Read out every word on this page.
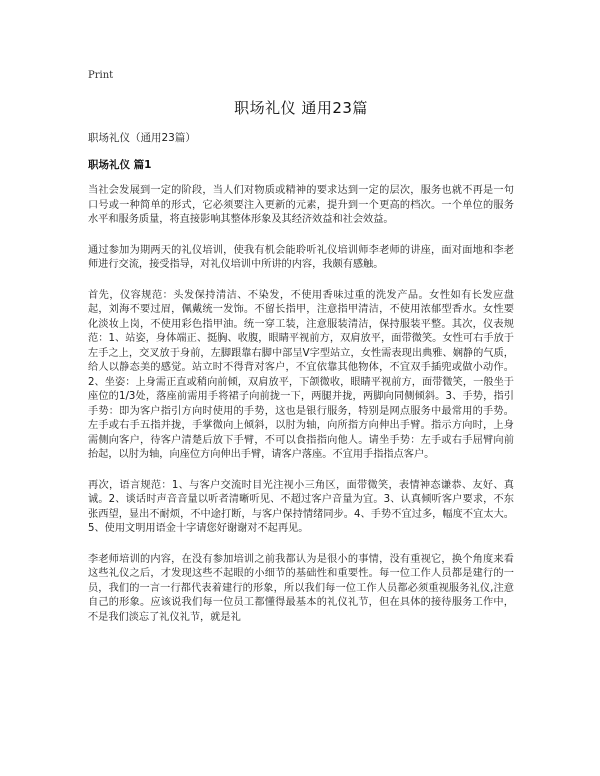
Print
职场礼仪 通用23篇
职场礼仪（通用23篇）
职场礼仪 篇1

当社会发展到一定的阶段，当人们对物质或精神的要求达到一定的层次，服务也就不再是一句口号或一种简单的形式，它必须要注入更新的元素，提升到一个更高的档次。一个单位的服务水平和服务质量，将直接影响其整体形象及其经济效益和社会效益。

通过参加为期两天的礼仪培训，使我有机会能聆听礼仪培训师李老师的讲座，面对面地和李老师进行交流，接受指导，对礼仪培训中所讲的内容，我颇有感触。

首先，仪容规范：头发保持清洁、不染发，不使用香味过重的洗发产品。女性如有长发应盘起，刘海不要过眉，佩戴统一发饰。不留长指甲，注意指甲清洁，不使用浓郁型香水。女性要化淡妆上岗，不使用彩色指甲油。统一穿工装，注意服装清洁，保持服装平整。其次，仪表规范：1、站姿，身体端正、挺胸、收腹，眼睛平视前方，双肩放平，面带微笑。女性可右手放于左手之上，交叉放于身前，左脚跟靠右脚中部呈V字型站立，女性需表现出典雅、娴静的气质，给人以静态美的感觉。站立时不得背对客户，不宜依靠其他物体，不宜双手插兜或做小动作。2、坐姿：上身需正直或稍向前倾，双肩放平，下颌微收，眼睛平视前方，面带微笑，一般坐于座位的1/3处，落座前需用手将裙子向前拢一下，两腿并拢，两脚向同侧倾斜。3、手势，指引手势：即为客户指引方向时使用的手势，这也是银行服务，特别是网点服务中最常用的手势。左手或右手五指并拢，手掌微向上倾斜，以肘为轴，向所指方向伸出手臂。指示方向时，上身需侧向客户，待客户清楚后放下手臂，不可以食指指向他人。请坐手势：左手或右手屈臂向前抬起，以肘为轴，向座位方向伸出手臂，请客户落座。不宜用手指指点客户。

再次，语言规范：1、与客户交流时目光注视小三角区，面带微笑，表情神态谦恭、友好、真诚。2、谈话时声音音量以听者清晰听见、不超过客户音量为宜。3、认真倾听客户要求，不东张西望，显出不耐烦，不中途打断，与客户保持情绪同步。4、手势不宜过多，幅度不宜太大。5、使用文明用语金十字请您好谢谢对不起再见。

李老师培训的内容，在没有参加培训之前我都认为是很小的事情，没有重视它，换个角度来看这些礼仪之后，才发现这些不起眼的小细节的基础性和重要性。每一位工作人员都是建行的一员，我们的一言一行都代表着建行的形象，所以我们每一位工作人员都必须重视服务礼仪,注意自己的形象。应该说我们每一位员工都懂得最基本的礼仪礼节，但在具体的接待服务工作中，不是我们淡忘了礼仪礼节，就是礼
